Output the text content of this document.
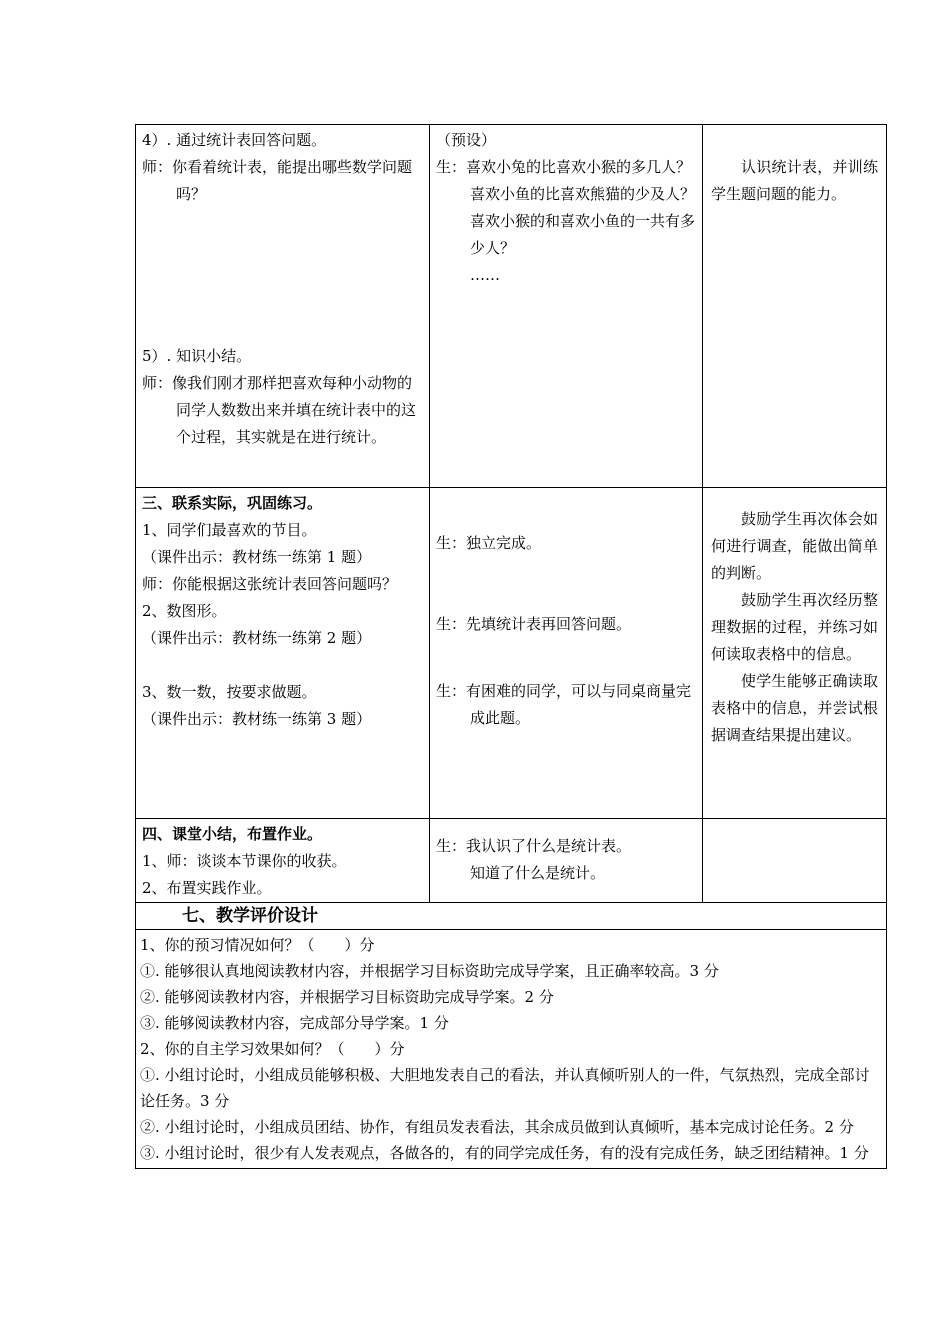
4）. 通过统计表回答问题。

师：你看着统计表，能提出哪些数学问题吗？

5）. 知识小结。

师：像我们刚才那样把喜欢每种小动物的同学人数数出来并填在统计表中的这个过程，其实就是在进行统计。

（预设）

生：喜欢小兔的比喜欢小猴的多几人？

喜欢小鱼的比喜欢熊猫的少及人？

喜欢小猴的和喜欢小鱼的一共有多少人？

……

认识统计表，并训练学生题问题的能力。

三、联系实际，巩固练习。

1、同学们最喜欢的节目。

（课件出示：教材练一练第 1 题）

师：你能根据这张统计表回答问题吗？

2、数图形。

（课件出示：教材练一练第 2 题）

3、数一数，按要求做题。

（课件出示：教材练一练第 3 题）

生：独立完成。

生：先填统计表再回答问题。

生：有困难的同学，可以与同桌商量完成此题。

鼓励学生再次体会如何进行调查，能做出简单的判断。

鼓励学生再次经历整理数据的过程，并练习如何读取表格中的信息。

使学生能够正确读取表格中的信息，并尝试根据调查结果提出建议。

四、课堂小结，布置作业。

1、师：谈谈本节课你的收获。

2、布置实践作业。

生：我认识了什么是统计表。

知道了什么是统计。

七、教学评价设计

1、你的预习情况如何？（　　）分

①. 能够很认真地阅读教材内容，并根据学习目标资助完成导学案，且正确率较高。3 分

②. 能够阅读教材内容，并根据学习目标资助完成导学案。2 分

③. 能够阅读教材内容，完成部分导学案。1 分

2、你的自主学习效果如何？（　　）分

①. 小组讨论时，小组成员能够积极、大胆地发表自己的看法，并认真倾听别人的一件，气氛热烈，完成全部讨论任务。3 分

②. 小组讨论时，小组成员团结、协作，有组员发表看法，其余成员做到认真倾听，基本完成讨论任务。2 分

③. 小组讨论时，很少有人发表观点，各做各的，有的同学完成任务，有的没有完成任务，缺乏团结精神。1 分
